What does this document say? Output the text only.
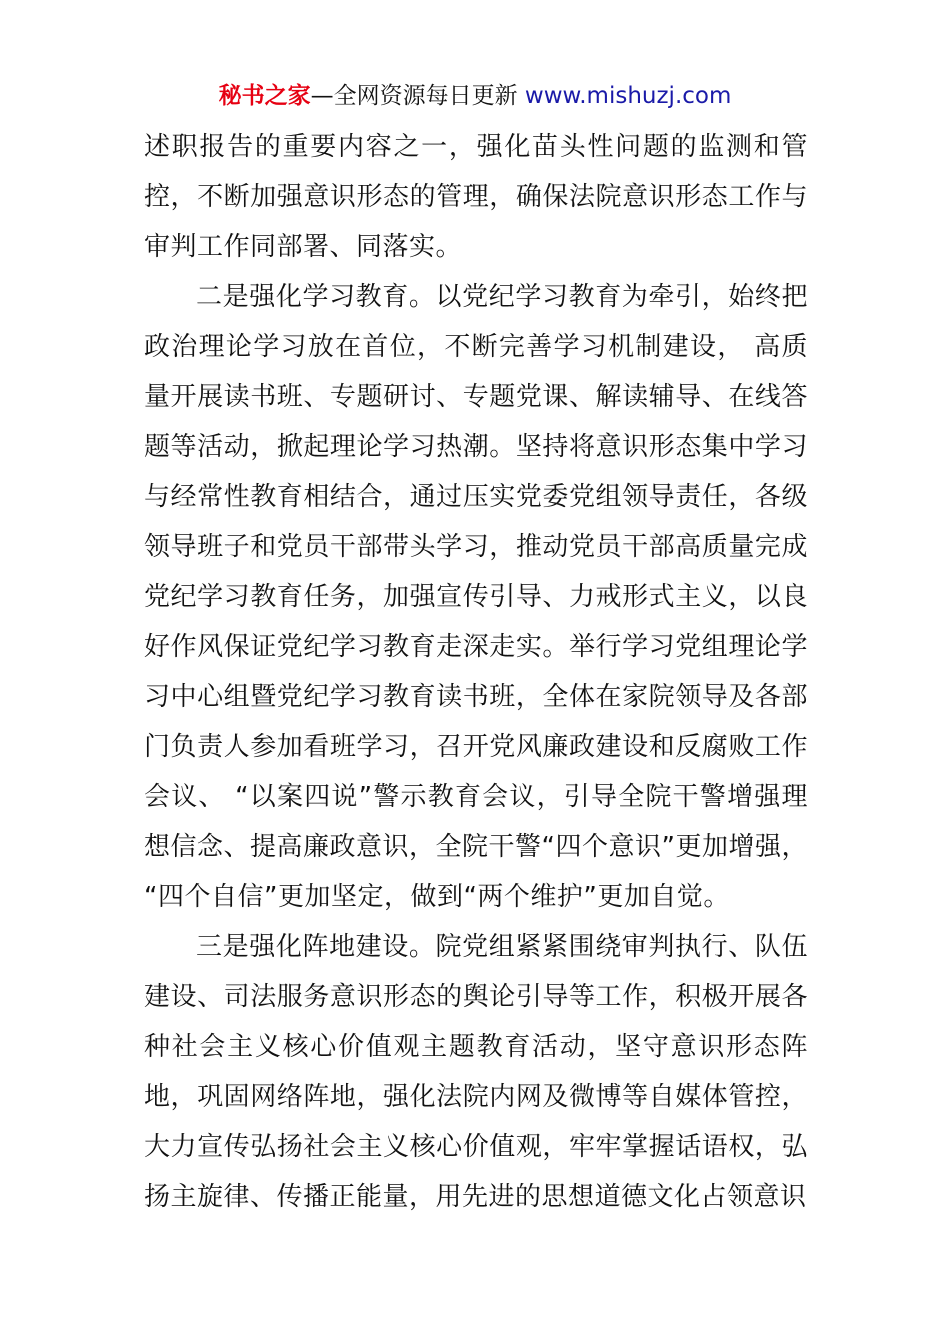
秘书之家—全网资源每日更新 www.mishuzj.com

述职报告的重要内容之一，强化苗头性问题的监测和管控，不断加强意识形态的管理，确保法院意识形态工作与审判工作同部署、同落实。

二是强化学习教育。以党纪学习教育为牵引，始终把政治理论学习放在首位，不断完善学习机制建设， 高质量开展读书班、专题研讨、专题党课、解读辅导、在线答题等活动，掀起理论学习热潮。坚持将意识形态集中学习与经常性教育相结合，通过压实党委党组领导责任，各级领导班子和党员干部带头学习，推动党员干部高质量完成党纪学习教育任务，加强宣传引导、力戒形式主义，以良好作风保证党纪学习教育走深走实。举行学习党组理论学习中心组暨党纪学习教育读书班，全体在家院领导及各部门负责人参加看班学习，召开党风廉政建设和反腐败工作会议、 “以案四说”警示教育会议，引导全院干警增强理想信念、提高廉政意识，全院干警“四个意识”更加增强， “四个自信”更加坚定，做到“两个维护”更加自觉。

三是强化阵地建设。院党组紧紧围绕审判执行、队伍建设、司法服务意识形态的舆论引导等工作，积极开展各种社会主义核心价值观主题教育活动，坚守意识形态阵地，巩固网络阵地，强化法院内网及微博等自媒体管控，大力宣传弘扬社会主义核心价值观，牢牢掌握话语权，弘扬主旋律、传播正能量，用先进的思想道德文化占领意识
